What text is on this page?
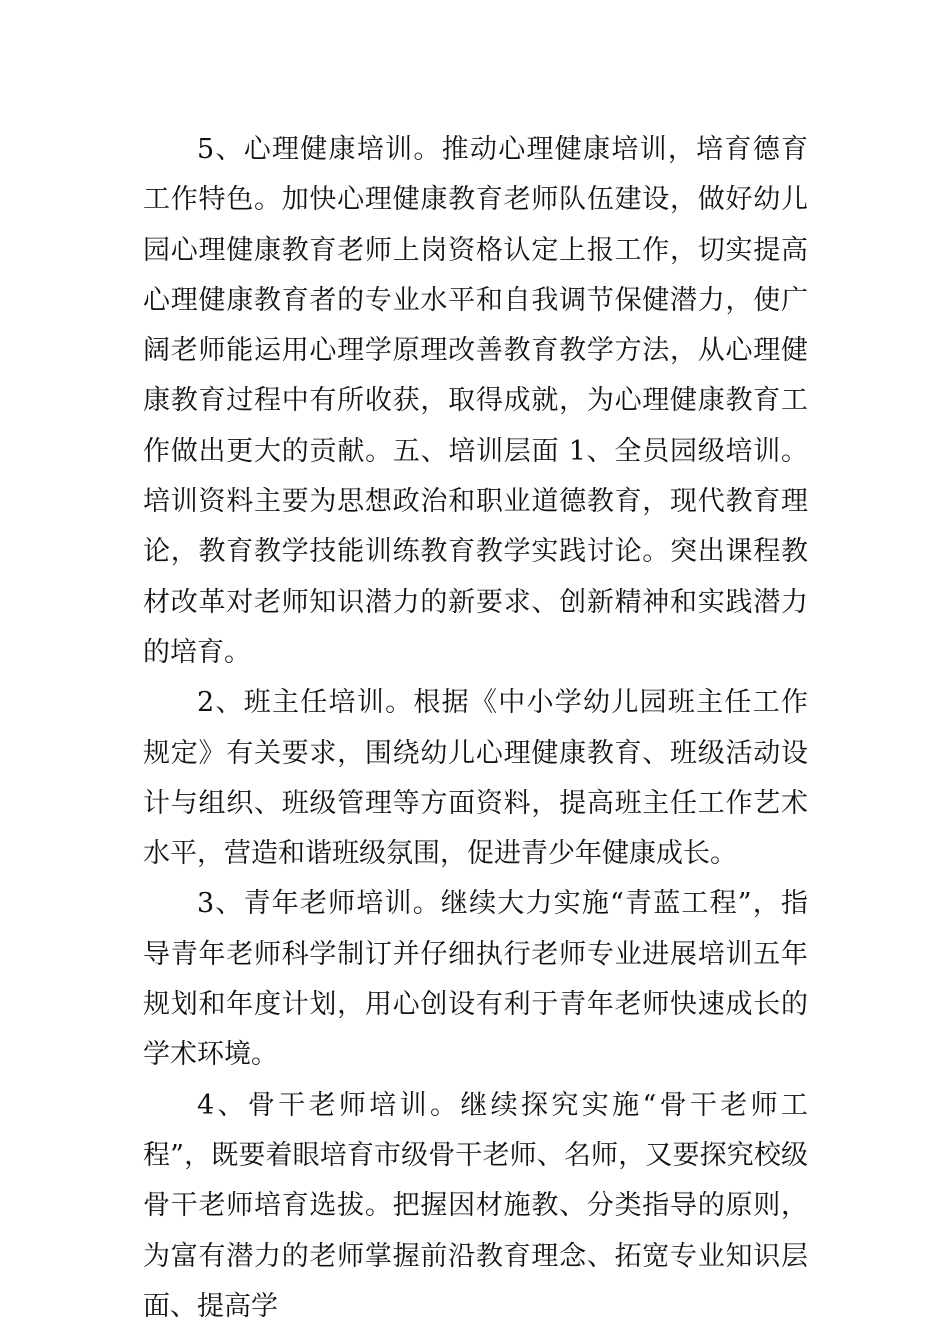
5、心理健康培训。推动心理健康培训，培育德育工作特色。加快心理健康教育老师队伍建设，做好幼儿园心理健康教育老师上岗资格认定上报工作，切实提高心理健康教育者的专业水平和自我调节保健潜力，使广阔老师能运用心理学原理改善教育教学方法，从心理健康教育过程中有所收获，取得成就，为心理健康教育工作做出更大的贡献。五、培训层面 1、全员园级培训。培训资料主要为思想政治和职业道德教育，现代教育理论，教育教学技能训练教育教学实践讨论。突出课程教材改革对老师知识潜力的新要求、创新精神和实践潜力的培育。

2、班主任培训。根据《中小学幼儿园班主任工作规定》有关要求，围绕幼儿心理健康教育、班级活动设计与组织、班级管理等方面资料，提高班主任工作艺术水平，营造和谐班级氛围，促进青少年健康成长。

3、青年老师培训。继续大力实施“青蓝工程”，指导青年老师科学制订并仔细执行老师专业进展培训五年规划和年度计划，用心创设有利于青年老师快速成长的学术环境。

4、骨干老师培训。继续探究实施“骨干老师工程”，既要着眼培育市级骨干老师、名师，又要探究校级骨干老师培育选拔。把握因材施教、分类指导的原则，为富有潜力的老师掌握前沿教育理念、拓宽专业知识层面、提高学
